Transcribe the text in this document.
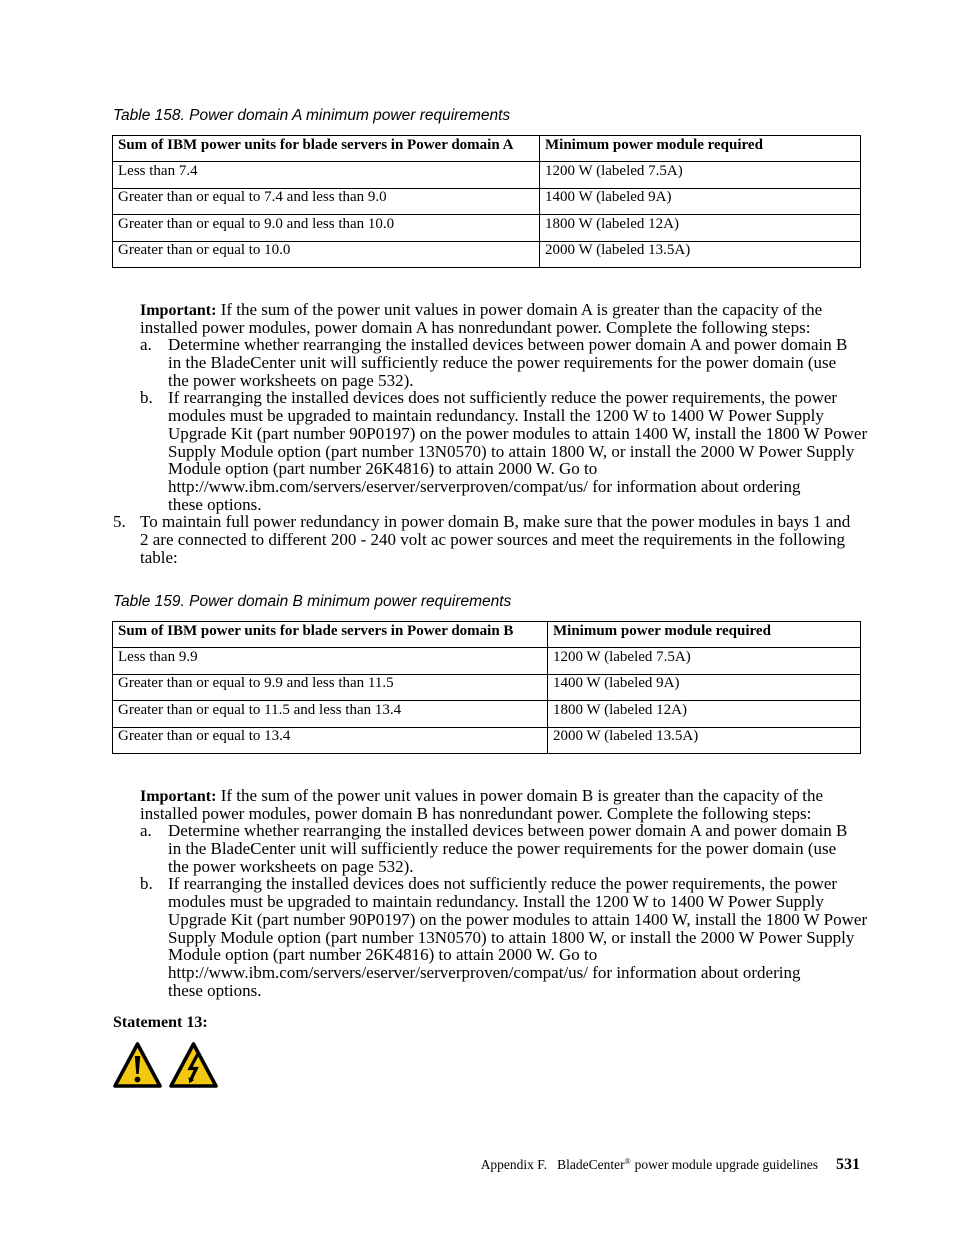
Table 158. Power domain A minimum power requirements
Sum of IBM power units for blade servers in Power domain A	Minimum power module required
Less than 7.4	1200 W (labeled 7.5A)
Greater than or equal to 7.4 and less than 9.0	1400 W (labeled 9A)
Greater than or equal to 9.0 and less than 10.0	1800 W (labeled 12A)
Greater than or equal to 10.0	2000 W (labeled 13.5A)
Important: If the sum of the power unit values in power domain A is greater than the capacity of the
installed power modules, power domain A has nonredundant power. Complete the following steps:
a. Determine whether rearranging the installed devices between power domain A and power domain B
in the BladeCenter unit will sufficiently reduce the power requirements for the power domain (use
the power worksheets on page 532).
b. If rearranging the installed devices does not sufficiently reduce the power requirements, the power
modules must be upgraded to maintain redundancy. Install the 1200 W to 1400 W Power Supply
Upgrade Kit (part number 90P0197) on the power modules to attain 1400 W, install the 1800 W Power
Supply Module option (part number 13N0570) to attain 1800 W, or install the 2000 W Power Supply
Module option (part number 26K4816) to attain 2000 W. Go to
http://www.ibm.com/servers/eserver/serverproven/compat/us/ for information about ordering
these options.
5. To maintain full power redundancy in power domain B, make sure that the power modules in bays 1 and
2 are connected to different 200 - 240 volt ac power sources and meet the requirements in the following
table:
Table 159. Power domain B minimum power requirements
Sum of IBM power units for blade servers in Power domain B	Minimum power module required
Less than 9.9	1200 W (labeled 7.5A)
Greater than or equal to 9.9 and less than 11.5	1400 W (labeled 9A)
Greater than or equal to 11.5 and less than 13.4	1800 W (labeled 12A)
Greater than or equal to 13.4	2000 W (labeled 13.5A)
Important: If the sum of the power unit values in power domain B is greater than the capacity of the
installed power modules, power domain B has nonredundant power. Complete the following steps:
a. Determine whether rearranging the installed devices between power domain A and power domain B
in the BladeCenter unit will sufficiently reduce the power requirements for the power domain (use
the power worksheets on page 532).
b. If rearranging the installed devices does not sufficiently reduce the power requirements, the power
modules must be upgraded to maintain redundancy. Install the 1200 W to 1400 W Power Supply
Upgrade Kit (part number 90P0197) on the power modules to attain 1400 W, install the 1800 W Power
Supply Module option (part number 13N0570) to attain 1800 W, or install the 2000 W Power Supply
Module option (part number 26K4816) to attain 2000 W. Go to
http://www.ibm.com/servers/eserver/serverproven/compat/us/ for information about ordering
these options.
Statement 13:
Appendix F. BladeCenter ® power module upgrade guidelines 531
